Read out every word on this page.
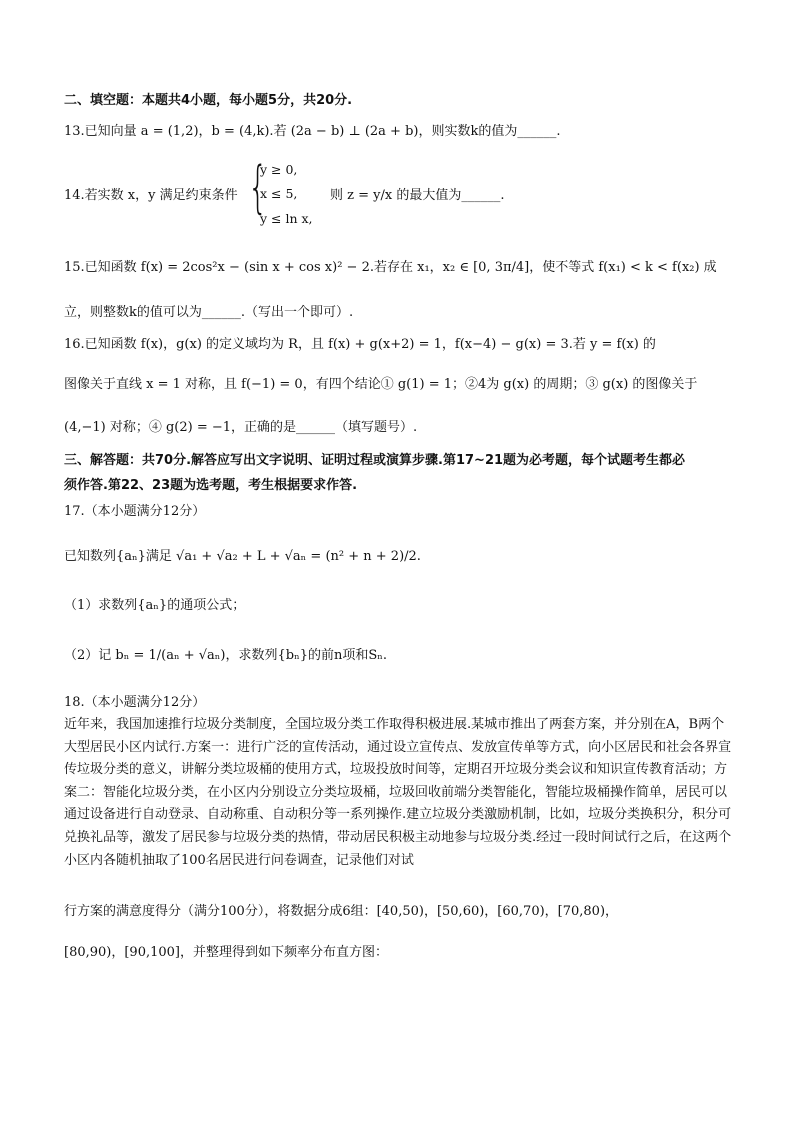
二、填空题：本题共4小题，每小题5分，共20分.
13.已知向量 a = (1,2)，b = (4,k).若 (2a − b) ⊥ (2a + b)，则实数k的值为______.
14.若实数 x，y 满足约束条件 {
y ≥ 0,
x ≤ 5,
y ≤ ln x,
则 z = y/x 的最大值为______.
15.已知函数 f(x) = 2cos²x − (sin x + cos x)² − 2.若存在 x₁，x₂ ∈ [0, 3π/4]，使不等式 f(x₁) < k < f(x₂) 成
立，则整数k的值可以为______.（写出一个即可）.
16.已知函数 f(x)，g(x) 的定义域均为 R，且 f(x) + g(x+2) = 1，f(x−4) − g(x) = 3.若 y = f(x) 的
图像关于直线 x = 1 对称，且 f(−1) = 0，有四个结论① g(1) = 1；②4为 g(x) 的周期；③ g(x) 的图像关于
(4,−1) 对称；④ g(2) = −1，正确的是______（填写题号）.
三、解答题：共70分.解答应写出文字说明、证明过程或演算步骤.第17~21题为必考题，每个试题考生都必
须作答.第22、23题为选考题，考生根据要求作答.
17.（本小题满分12分）
已知数列{aₙ}满足 √a₁ + √a₂ + L + √aₙ = (n² + n + 2)/2.
（1）求数列{aₙ}的通项公式；
（2）记 bₙ = 1/(aₙ + √aₙ)，求数列{bₙ}的前n项和Sₙ.
18.（本小题满分12分）
近年来，我国加速推行垃圾分类制度，全国垃圾分类工作取得积极进展.某城市推出了两套方案，并分别在A，B两个大型居民小区内试行.方案一：进行广泛的宣传活动，通过设立宣传点、发放宣传单等方式，向小区居民和社会各界宣传垃圾分类的意义，讲解分类垃圾桶的使用方式，垃圾投放时间等，定期召开垃圾分类会议和知识宣传教育活动；方案二：智能化垃圾分类，在小区内分别设立分类垃圾桶，垃圾回收前端分类智能化，智能垃圾桶操作简单，居民可以通过设备进行自动登录、自动称重、自动积分等一系列操作.建立垃圾分类激励机制，比如，垃圾分类换积分，积分可兑换礼品等，激发了居民参与垃圾分类的热情，带动居民积极主动地参与垃圾分类.经过一段时间试行之后，在这两个小区内各随机抽取了100名居民进行问卷调查，记录他们对试
行方案的满意度得分（满分100分），将数据分成6组：[40,50)，[50,60)，[60,70)，[70,80)，
[80,90)，[90,100]，并整理得到如下频率分布直方图：
